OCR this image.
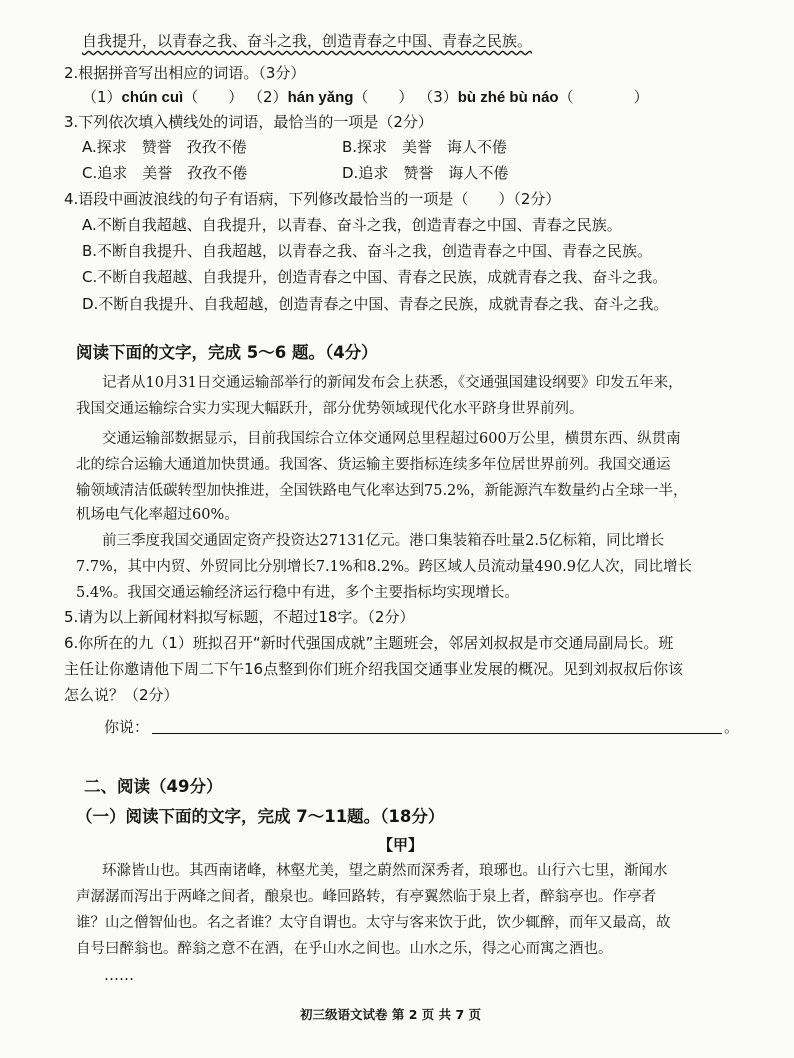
自我提升，以青春之我、奋斗之我，创造青春之中国、青春之民族。
2.根据拼音写出相应的词语。（3分）
（1）chún cuì（　　） （2）hán yǎng（　　） （3）bù zhé bù náo（　　　　）
3.下列依次填入横线处的词语，最恰当的一项是（2分）
A.探求　赞誉　孜孜不倦	B.探求　美誉　诲人不倦
C.追求　美誉　孜孜不倦	D.追求　赞誉　诲人不倦
4.语段中画波浪线的句子有语病，下列修改最恰当的一项是（　　）（2分）
A.不断自我超越、自我提升，以青春、奋斗之我，创造青春之中国、青春之民族。
B.不断自我提升、自我超越，以青春之我、奋斗之我，创造青春之中国、青春之民族。
C.不断自我超越、自我提升，创造青春之中国、青春之民族，成就青春之我、奋斗之我。
D.不断自我提升、自我超越，创造青春之中国、青春之民族，成就青春之我、奋斗之我。
阅读下面的文字，完成 5～6 题。（4分）
记者从10月31日交通运输部举行的新闻发布会上获悉，《交通强国建设纲要》印发五年来，
我国交通运输综合实力实现大幅跃升，部分优势领域现代化水平跻身世界前列。
交通运输部数据显示，目前我国综合立体交通网总里程超过600万公里，横贯东西、纵贯南
北的综合运输大通道加快贯通。我国客、货运输主要指标连续多年位居世界前列。我国交通运
输领域清洁低碳转型加快推进，全国铁路电气化率达到75.2%，新能源汽车数量约占全球一半，
机场电气化率超过60%。
前三季度我国交通固定资产投资达27131亿元。港口集装箱吞吐量2.5亿标箱，同比增长
7.7%，其中内贸、外贸同比分别增长7.1%和8.2%。跨区域人员流动量490.9亿人次，同比增长
5.4%。我国交通运输经济运行稳中有进，多个主要指标均实现增长。
5.请为以上新闻材料拟写标题，不超过18字。（2分）
6.你所在的九（1）班拟召开“新时代强国成就”主题班会，邻居刘叔叔是市交通局副局长。班
主任让你邀请他下周二下午16点整到你们班介绍我国交通事业发展的概况。见到刘叔叔后你该
怎么说？（2分）
你说：	。
二、阅读（49分）
（一）阅读下面的文字，完成 7～11题。（18分）
【甲】
环滁皆山也。其西南诸峰，林壑尤美，望之蔚然而深秀者，琅琊也。山行六七里，渐闻水
声潺潺而泻出于两峰之间者，酿泉也。峰回路转，有亭翼然临于泉上者，醉翁亭也。作亭者
谁？山之僧智仙也。名之者谁？太守自谓也。太守与客来饮于此，饮少辄醉，而年又最高，故
自号曰醉翁也。醉翁之意不在酒，在乎山水之间也。山水之乐，得之心而寓之酒也。
……
初三级语文试卷 第 2 页 共 7 页
